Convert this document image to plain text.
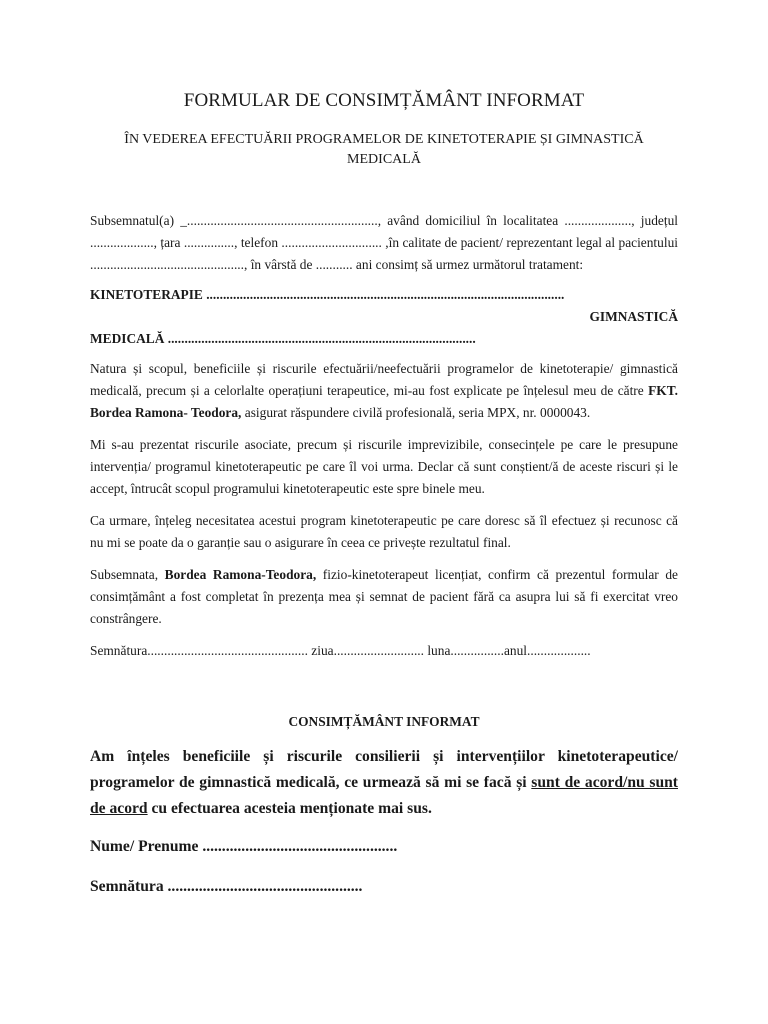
FORMULAR DE CONSIMȚĂMÂNT INFORMAT

ÎN VEDEREA EFECTUĂRII PROGRAMELOR DE KINETOTERAPIE ȘI GIMNASTICĂ MEDICALĂ

Subsemnatul(a) _........................................................., având domiciliul în localitatea ...................., județul ..................., țara ..............., telefon .............................. ,în calitate de pacient/ reprezentant legal al pacientului .............................................., în vârstă de ........... ani consimț să urmez următorul tratament:

KINETOTERAPIE ...........................................................................................................

GIMNASTICĂ
MEDICALĂ ............................................................................................

Natura și scopul, beneficiile și riscurile efectuării/neefectuării programelor de kinetoterapie/ gimnastică medicală, precum și a celorlalte operațiuni terapeutice, mi-au fost explicate pe înțelesul meu de către FKT. Bordea Ramona- Teodora, asigurat răspundere civilă profesională, seria MPX, nr. 0000043.

Mi s-au prezentat riscurile asociate, precum și riscurile imprevizibile, consecințele pe care le presupune intervenția/ programul kinetoterapeutic pe care îl voi urma. Declar că sunt conștient/ă de aceste riscuri și le accept, întrucât scopul programului kinetoterapeutic este spre binele meu.

Ca urmare, înțeleg necesitatea acestui program kinetoterapeutic pe care doresc să îl efectuez și recunosc că nu mi se poate da o garanție sau o asigurare în ceea ce privește rezultatul final.

Subsemnata, Bordea Ramona-Teodora, fizio-kinetoterapeut licențiat, confirm că prezentul formular de consimțământ a fost completat în prezența mea și semnat de pacient fără ca asupra lui să fi exercitat vreo constrângere.

Semnătura................................................ ziua........................... luna................anul...................

CONSIMȚĂMÂNT INFORMAT

Am înțeles beneficiile și riscurile consilierii și intervențiilor kinetoterapeutice/ programelor de gimnastică medicală, ce urmează să mi se facă și sunt de acord/nu sunt de acord cu efectuarea acesteia menționate mai sus.

Nume/ Prenume ..................................................

Semnătura ..................................................
